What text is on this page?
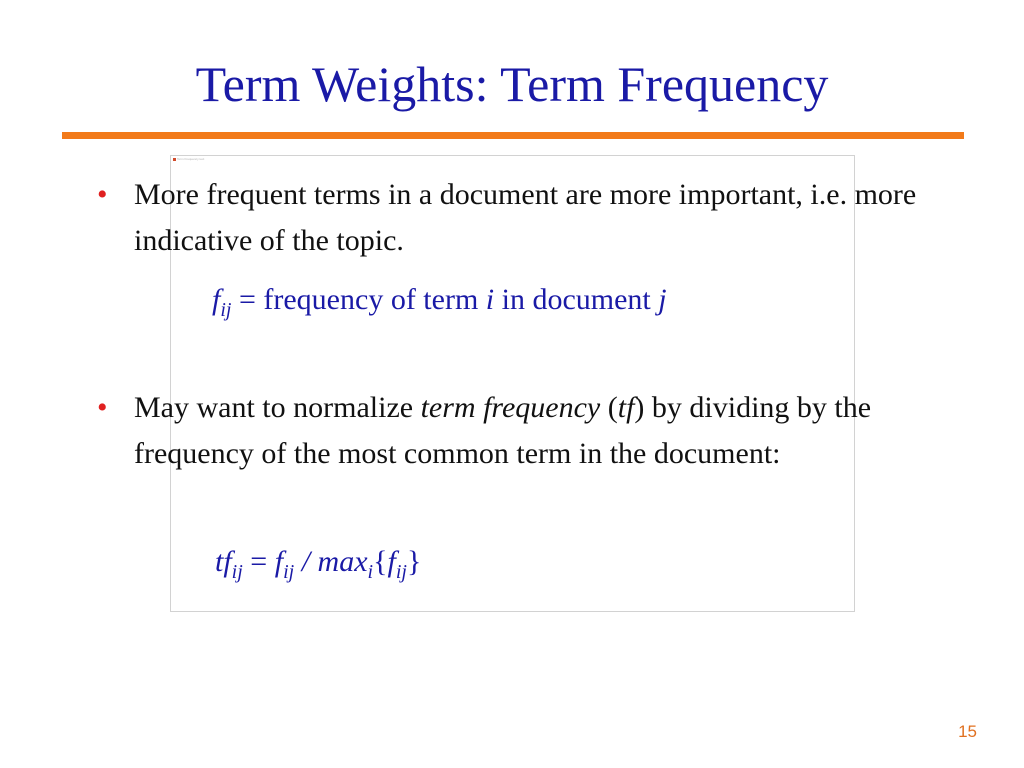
Term Weights: Term Frequency
Term Frequency text
• More frequent terms in a document are more important, i.e. more indicative of the topic.
$f_{ij}$ = frequency of term i in document j
• May want to normalize term frequency (tf) by dividing by the frequency of the most common term in the document:
$tf_{ij} = f_{ij} / \max_i\{f_{ij}\}$
15
